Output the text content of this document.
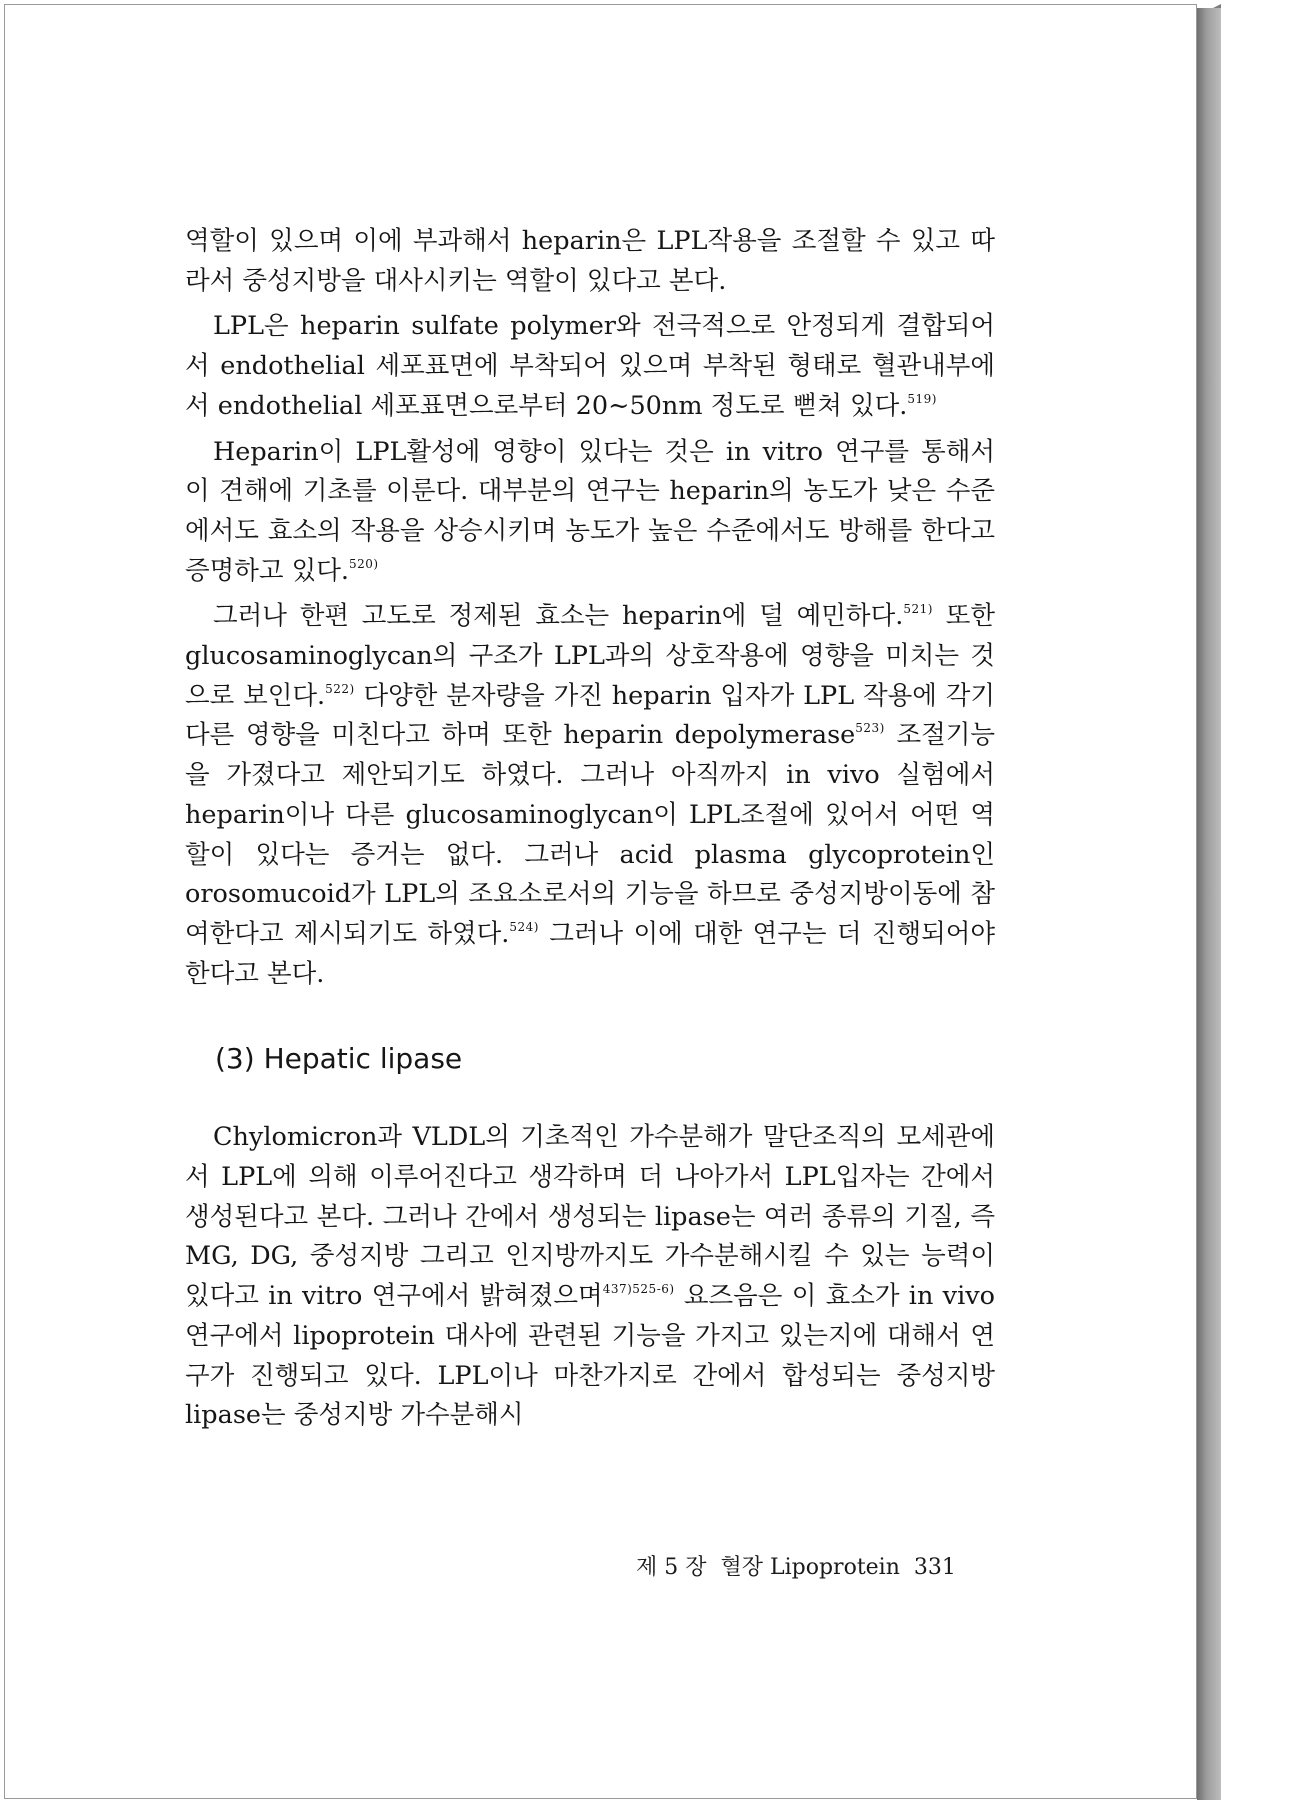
역할이 있으며 이에 부과해서 heparin은 LPL작용을 조절할 수 있고 따라서 중성지방을 대사시키는 역할이 있다고 본다.

LPL은 heparin sulfate polymer와 전극적으로 안정되게 결합되어서 endothelial 세포표면에 부착되어 있으며 부착된 형태로 혈관내부에서 endothelial 세포표면으로부터 20∼50nm 정도로 뻗쳐 있다.$^{519)}$

Heparin이 LPL활성에 영향이 있다는 것은 in vitro 연구를 통해서 이 견해에 기초를 이룬다. 대부분의 연구는 heparin의 농도가 낮은 수준에서도 효소의 작용을 상승시키며 농도가 높은 수준에서도 방해를 한다고 증명하고 있다.$^{520)}$

그러나 한편 고도로 정제된 효소는 heparin에 덜 예민하다.$^{521)}$ 또한 glucosaminoglycan의 구조가 LPL과의 상호작용에 영향을 미치는 것으로 보인다.$^{522)}$ 다양한 분자량을 가진 heparin 입자가 LPL 작용에 각기 다른 영향을 미친다고 하며 또한 heparin depolymerase$^{523)}$ 조절기능을 가졌다고 제안되기도 하였다. 그러나 아직까지 in vivo 실험에서 heparin이나 다른 glucosaminoglycan이 LPL조절에 있어서 어떤 역할이 있다는 증거는 없다. 그러나 acid plasma glycoprotein인 orosomucoid가 LPL의 조요소로서의 기능을 하므로 중성지방이동에 참여한다고 제시되기도 하였다.$^{524)}$ 그러나 이에 대한 연구는 더 진행되어야 한다고 본다.

(3) Hepatic lipase

Chylomicron과 VLDL의 기초적인 가수분해가 말단조직의 모세관에서 LPL에 의해 이루어진다고 생각하며 더 나아가서 LPL입자는 간에서 생성된다고 본다. 그러나 간에서 생성되는 lipase는 여러 종류의 기질, 즉 MG, DG, 중성지방 그리고 인지방까지도 가수분해시킬 수 있는 능력이 있다고 in vitro 연구에서 밝혀졌으며$^{437)525-6)}$ 요즈음은 이 효소가 in vivo 연구에서 lipoprotein 대사에 관련된 기능을 가지고 있는지에 대해서 연구가 진행되고 있다. LPL이나 마찬가지로 간에서 합성되는 중성지방 lipase는 중성지방 가수분해시

제 5 장 혈장 Lipoprotein 331
